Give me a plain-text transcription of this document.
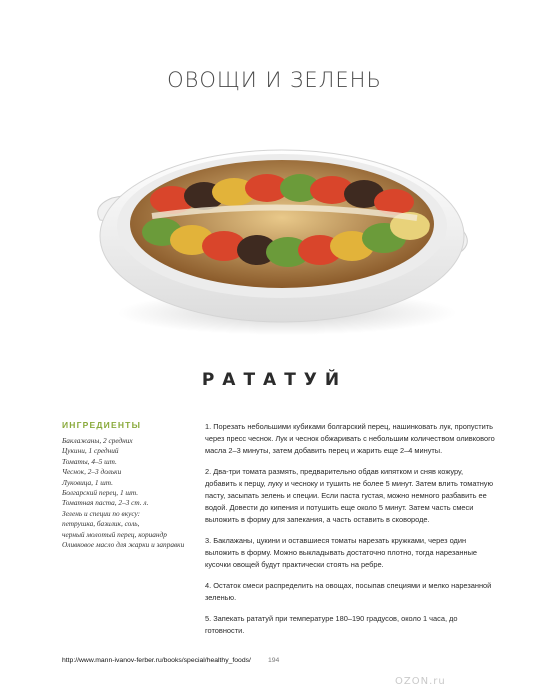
ОВОЩИ И ЗЕЛЕНЬ
РАТАТУЙ

ИНГРЕДИЕНТЫ

Баклажаны, 2 средних
Цукини, 1 средний
Томаты, 4–5 шт.
Чеснок, 2–3 дольки
Луковица, 1 шт.
Болгарский перец, 1 шт.
Томатная паста, 2–3 ст. л.
Зелень и специи по вкусу:
петрушка, базилик, соль,
черный молотый перец, кориандр
Оливковое масло для жарки и заправки

1. Порезать небольшими кубиками болгарский перец, нашинковать лук, пропустить через пресс чеснок. Лук и чеснок обжаривать с небольшим количеством оливкового масла 2–3 минуты, затем добавить перец и жарить еще 2–4 минуты.

2. Два-три томата размять, предварительно обдав кипятком и сняв кожуру, добавить к перцу, луку и чесноку и тушить не более 5 минут. Затем влить томатную пасту, засыпать зелень и специи. Если паста густая, можно немного разбавить ее водой. Довести до кипения и потушить еще около 5 минут. Затем часть смеси выложить в форму для запекания, а часть оставить в сковороде.

3. Баклажаны, цукини и оставшиеся томаты нарезать кружками, через один выложить в форму. Можно выкладывать достаточно плотно, тогда нарезанные кусочки овощей будут практически стоять на ребре.

4. Остаток смеси распределить на овощах, посыпав специями и мелко нарезанной зеленью.

5. Запекать рататуй при температуре 180–190 градусов, около 1 часа, до готовности.

http://www.mann-ivanov-ferber.ru/books/special/healthy_foods/	194
OZON.ru
